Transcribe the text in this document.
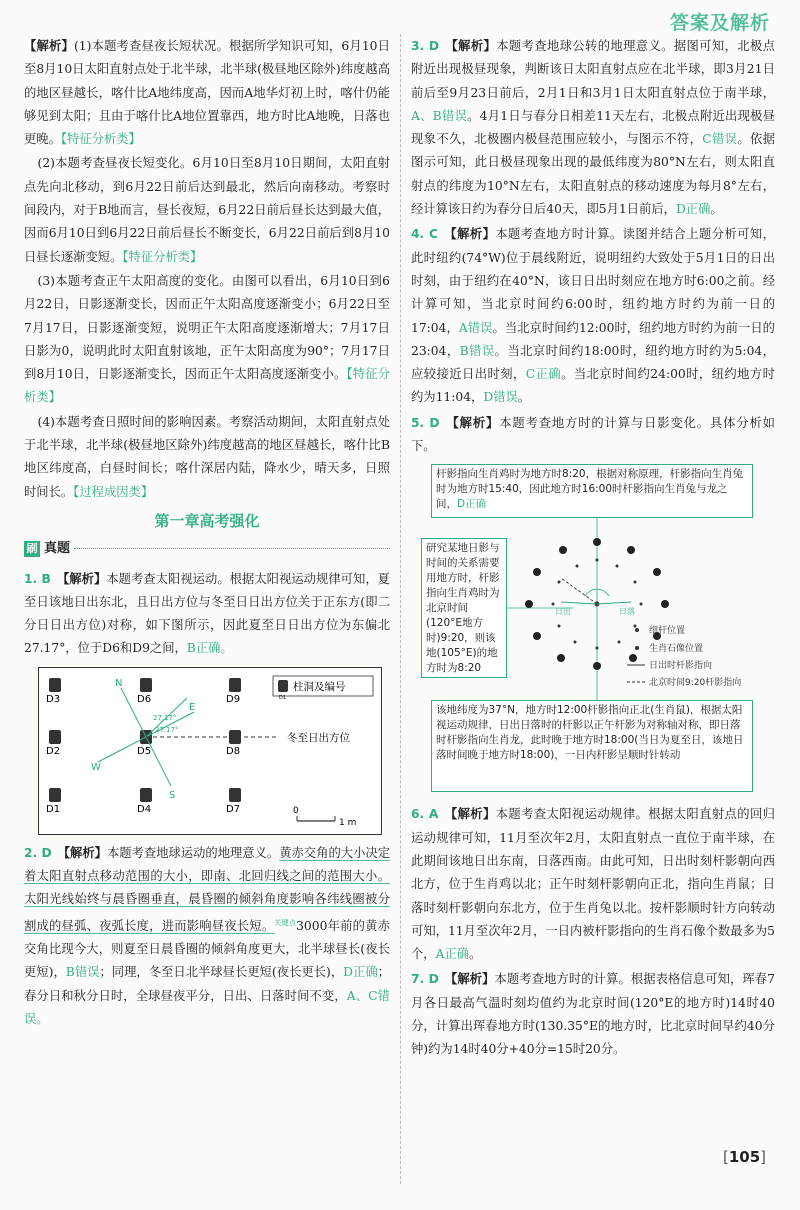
答案及解析

【解析】(1)本题考查昼夜长短状况。根据所学知识可知，6月10日至8月10日太阳直射点处于北半球，北半球(极昼地区除外)纬度越高的地区昼越长，喀什比A地纬度高，因而A地华灯初上时，喀什仍能够见到太阳；且由于喀什比A地位置靠西，地方时比A地晚，日落也更晚。【特征分析类】

(2)本题考查昼夜长短变化。6月10日至8月10日期间，太阳直射点先向北移动，到6月22日前后达到最北，然后向南移动。考察时间段内，对于B地而言，昼长夜短，6月22日前后昼长达到最大值，因而6月10日到6月22日前后昼长不断变长，6月22日前后到8月10日昼长逐渐变短。【特征分析类】

(3)本题考查正午太阳高度的变化。由图可以看出，6月10日到6月22日，日影逐渐变长，因而正午太阳高度逐渐变小；6月22日至7月17日，日影逐渐变短，说明正午太阳高度逐渐增大；7月17日日影为0，说明此时太阳直射该地，正午太阳高度为90°；7月17日到8月10日，日影逐渐变长，因而正午太阳高度逐渐变小。【特征分析类】

(4)本题考查日照时间的影响因素。考察活动期间，太阳直射点处于北半球，北半球(极昼地区除外)纬度越高的地区昼越长，喀什比B地区纬度高，白昼时间长；喀什深居内陆，降水少，晴天多，日照时间长。【过程成因类】

第一章高考强化
刷 真题

1. B 【解析】本题考查太阳视运动。根据太阳视运动规律可知，夏至日该地日出东北，且日出方位与冬至日日出方位关于正东方(即二分日日出方位)对称，如下图所示，因此夏至日日出方位为东偏北27.17°，位于D6和D9之间，B正确。

D1
柱洞及编号
D3	D6	D9
D2	D5	D8
D1	D4	D7
N
E
S
W
27.17°
27.17°
冬至日出方位
0
1 m

2. D 【解析】本题考查地球运动的地理意义。黄赤交角的大小决定着太阳直射点移动范围的大小，即南、北回归线之间的范围大小。太阳光线始终与晨昏圈垂直，晨昏圈的倾斜角度影响各纬线圈被分割成的昼弧、夜弧长度，进而影响昼夜长短。$^{关键点}$3000年前的黄赤交角比现今大，则夏至日晨昏圈的倾斜角度更大，北半球昼长(夜长更短)，B错误；同理，冬至日北半球昼长更短(夜长更长)，D正确；春分日和秋分日时，全球昼夜平分，日出、日落时间不变，A、C错误。

3. D 【解析】本题考查地球公转的地理意义。据图可知，北极点附近出现极昼现象，判断该日太阳直射点应在北半球，即3月21日前后至9月23日前后，2月1日和3月1日太阳直射点位于南半球，A、B错误。4月1日与春分日相差11天左右，北极点附近出现极昼现象不久，北极圈内极昼范围应较小，与图示不符，C错误。依据图示可知，此日极昼现象出现的最低纬度为80°N左右，则太阳直射点的纬度为10°N左右，太阳直射点的移动速度为每月8°左右，经计算该日约为春分日后40天，即5月1日前后，D正确。

4. C 【解析】本题考查地方时计算。读图并结合上题分析可知，此时纽约(74°W)位于晨线附近，说明纽约大致处于5月1日的日出时刻，由于纽约在40°N，该日日出时刻应在地方时6:00之前。经计算可知，当北京时间约6:00时，纽约地方时约为前一日的17:04，A错误。当北京时间约12:00时，纽约地方时约为前一日的23:04，B错误。当北京时间约18:00时，纽约地方时约为5:04，应较接近日出时刻，C正确。当北京时间约24:00时，纽约地方时约为11:04，D错误。

5. D 【解析】本题考查地方时的计算与日影变化。具体分析如下。

杆影指向生肖鸡时为地方时8:20，根据对称原理，杆影指向生肖兔时为地方时15:40，因此地方时16:00时杆影指向生肖兔与龙之间，D正确
研究某地日影与时间的关系需要用地方时，杆影指向生肖鸡时为北京时间(120°E地方时)9:20，则该地(105°E)的地方时为8:20
日出	日落
细杆位置
生肖石像位置
日出时杆影指向
北京时间9:20杆影指向
该地纬度为37°N，地方时12:00杆影指向正北(生肖鼠)，根据太阳视运动规律，日出日落时的杆影以正午杆影为对称轴对称，即日落时杆影指向生肖龙，此时晚于地方时18:00(当日为夏至日，该地日落时间晚于地方时18:00)，一日内杆影呈顺时针转动

6. A 【解析】本题考查太阳视运动规律。根据太阳直射点的回归运动规律可知，11月至次年2月，太阳直射点一直位于南半球，在此期间该地日出东南，日落西南。由此可知，日出时刻杆影朝向西北方，位于生肖鸡以北；正午时刻杆影朝向正北，指向生肖鼠；日落时刻杆影朝向东北方，位于生肖兔以北。按杆影顺时针方向转动可知，11月至次年2月，一日内被杆影指向的生肖石像个数最多为5个，A正确。

7. D 【解析】本题考查地方时的计算。根据表格信息可知，珲春7月各日最高气温时刻均值约为北京时间(120°E的地方时)14时40分，计算出珲春地方时(130.35°E的地方时，比北京时间早约40分钟)约为14时40分+40分=15时20分。

[105]
